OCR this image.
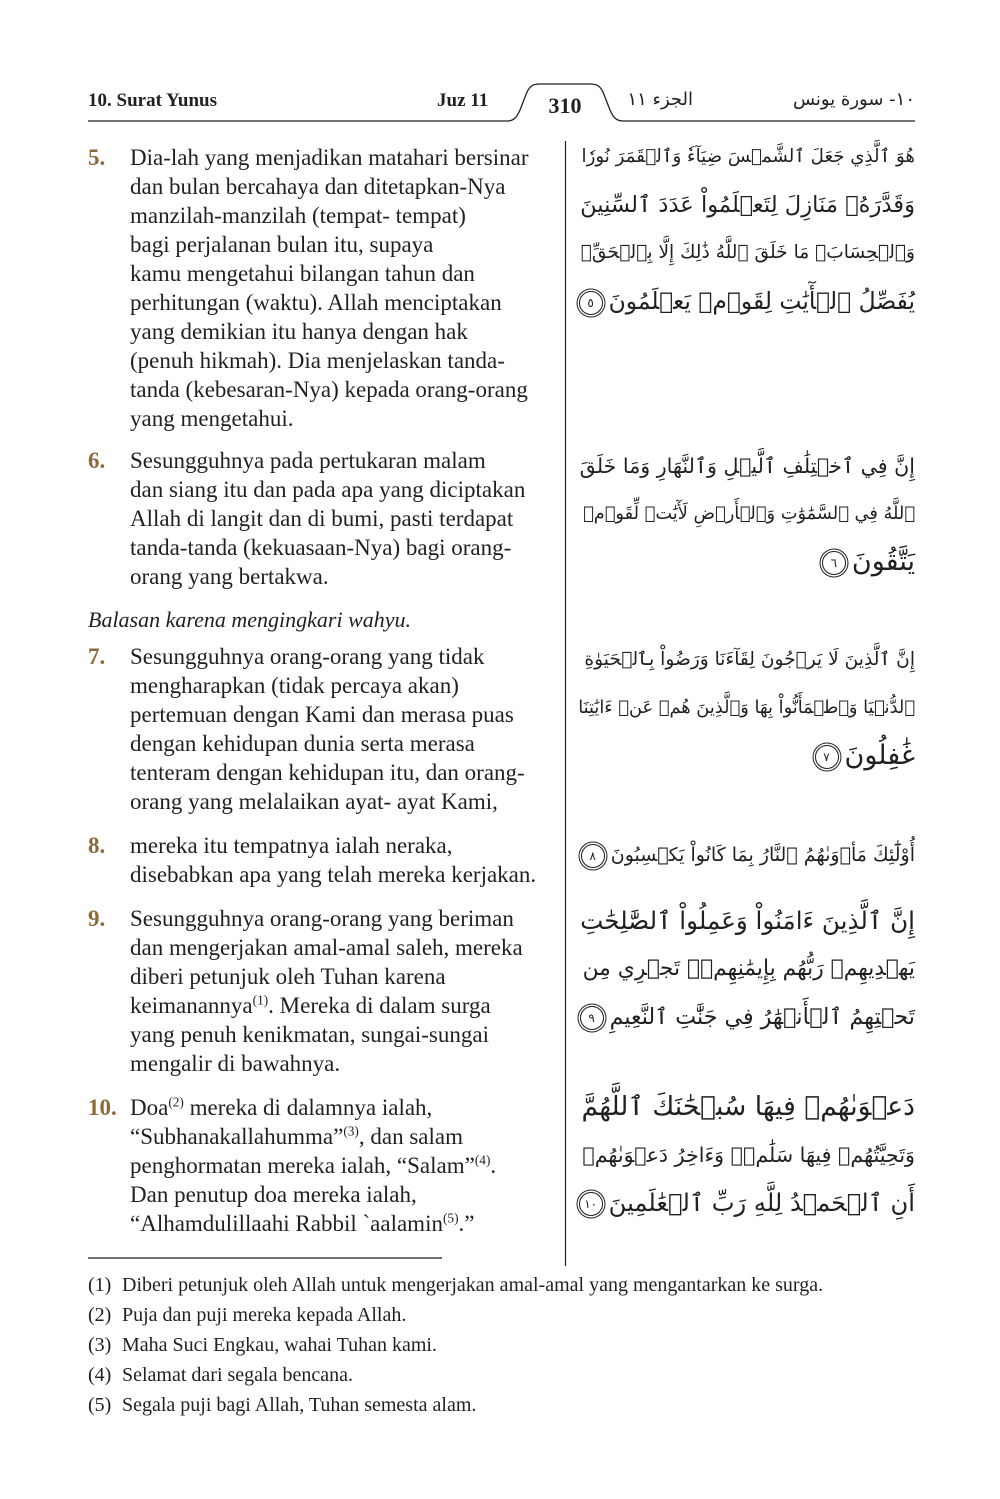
10. Surat Yunus	Juz 11	310	الجزء ١١	١٠- سورة يونس
Balasan karena mengingkari wahyu.
5. Dia-lah yang menjadikan matahari bersinar
dan bulan bercahaya dan ditetapkan-Nya
manzilah-manzilah (tempat- tempat)
bagi perjalanan bulan itu, supaya
kamu mengetahui bilangan tahun dan
perhitungan (waktu). Allah menciptakan
yang demikian itu hanya dengan hak
(penuh hikmah). Dia menjelaskan tanda-
tanda (kebesaran-Nya) kepada orang-orang
yang mengetahui.
هُوَ ٱلَّذِي جَعَلَ ٱلشَّمۡسَ ضِيَآءٗ وَٱلۡقَمَرَ نُورٗا
وَقَدَّرَهُۥ مَنَازِلَ لِتَعۡلَمُواْ عَدَدَ ٱلسِّنِينَ
وَٱلۡحِسَابَۚ مَا خَلَقَ ٱللَّهُ ذَٰلِكَ إِلَّا بِٱلۡحَقِّۚ
يُفَصِّلُ ٱلۡأٓيَٰتِ لِقَوۡمٖ يَعۡلَمُونَ٥
6. Sesungguhnya pada pertukaran malam
dan siang itu dan pada apa yang diciptakan
Allah di langit dan di bumi, pasti terdapat
tanda-tanda (kekuasaan-Nya) bagi orang-
orang yang bertakwa.
إِنَّ فِي ٱخۡتِلَٰفِ ٱلَّيۡلِ وَٱلنَّهَارِ وَمَا خَلَقَ
ٱللَّهُ فِي ٱلسَّمَٰوَٰتِ وَٱلۡأَرۡضِ لَأٓيَٰتٖ لِّقَوۡمٖ
يَتَّقُونَ٦
7. Sesungguhnya orang-orang yang tidak
mengharapkan (tidak percaya akan)
pertemuan dengan Kami dan merasa puas
dengan kehidupan dunia serta merasa
tenteram dengan kehidupan itu, dan orang-
orang yang melalaikan ayat- ayat Kami,
إِنَّ ٱلَّذِينَ لَا يَرۡجُونَ لِقَآءَنَا وَرَضُواْ بِٱلۡحَيَوٰةِ
ٱلدُّنۡيَا وَٱطۡمَأَنُّواْ بِهَا وَٱلَّذِينَ هُمۡ عَنۡ ءَايَٰتِنَا
غَٰفِلُونَ٧
8. mereka itu tempatnya ialah neraka,
disebabkan apa yang telah mereka kerjakan.
أُوْلَٰٓئِكَ مَأۡوَىٰهُمُ ٱلنَّارُ بِمَا كَانُواْ يَكۡسِبُونَ٨
9. Sesungguhnya orang-orang yang beriman
dan mengerjakan amal-amal saleh, mereka
diberi petunjuk oleh Tuhan karena
keimanannya$^{(1)}$. Mereka di dalam surga
yang penuh kenikmatan, sungai-sungai
mengalir di bawahnya.
إِنَّ ٱلَّذِينَ ءَامَنُواْ وَعَمِلُواْ ٱلصَّٰلِحَٰتِ
يَهۡدِيهِمۡ رَبُّهُم بِإِيمَٰنِهِمۡۖ تَجۡرِي مِن
تَحۡتِهِمُ ٱلۡأَنۡهَٰرُ فِي جَنَّٰتِ ٱلنَّعِيمِ٩
10. Doa$^{(2)}$ mereka di dalamnya ialah,
“Subhanakallahumma”$^{(3)}$, dan salam
penghormatan mereka ialah, “Salam”$^{(4)}$.
Dan penutup doa mereka ialah,
“Alhamdulillaahi Rabbil `aalamin$^{(5)}$.”
دَعۡوَىٰهُمۡ فِيهَا سُبۡحَٰنَكَ ٱللَّهُمَّ
وَتَحِيَّتُهُمۡ فِيهَا سَلَٰمٞۚ وَءَاخِرُ دَعۡوَىٰهُمۡ
أَنِ ٱلۡحَمۡدُ لِلَّهِ رَبِّ ٱلۡعَٰلَمِينَ١٠
(1) Diberi petunjuk oleh Allah untuk mengerjakan amal-amal yang mengantarkan ke surga.
(2) Puja dan puji mereka kepada Allah.
(3) Maha Suci Engkau, wahai Tuhan kami.
(4) Selamat dari segala bencana.
(5) Segala puji bagi Allah, Tuhan semesta alam.
